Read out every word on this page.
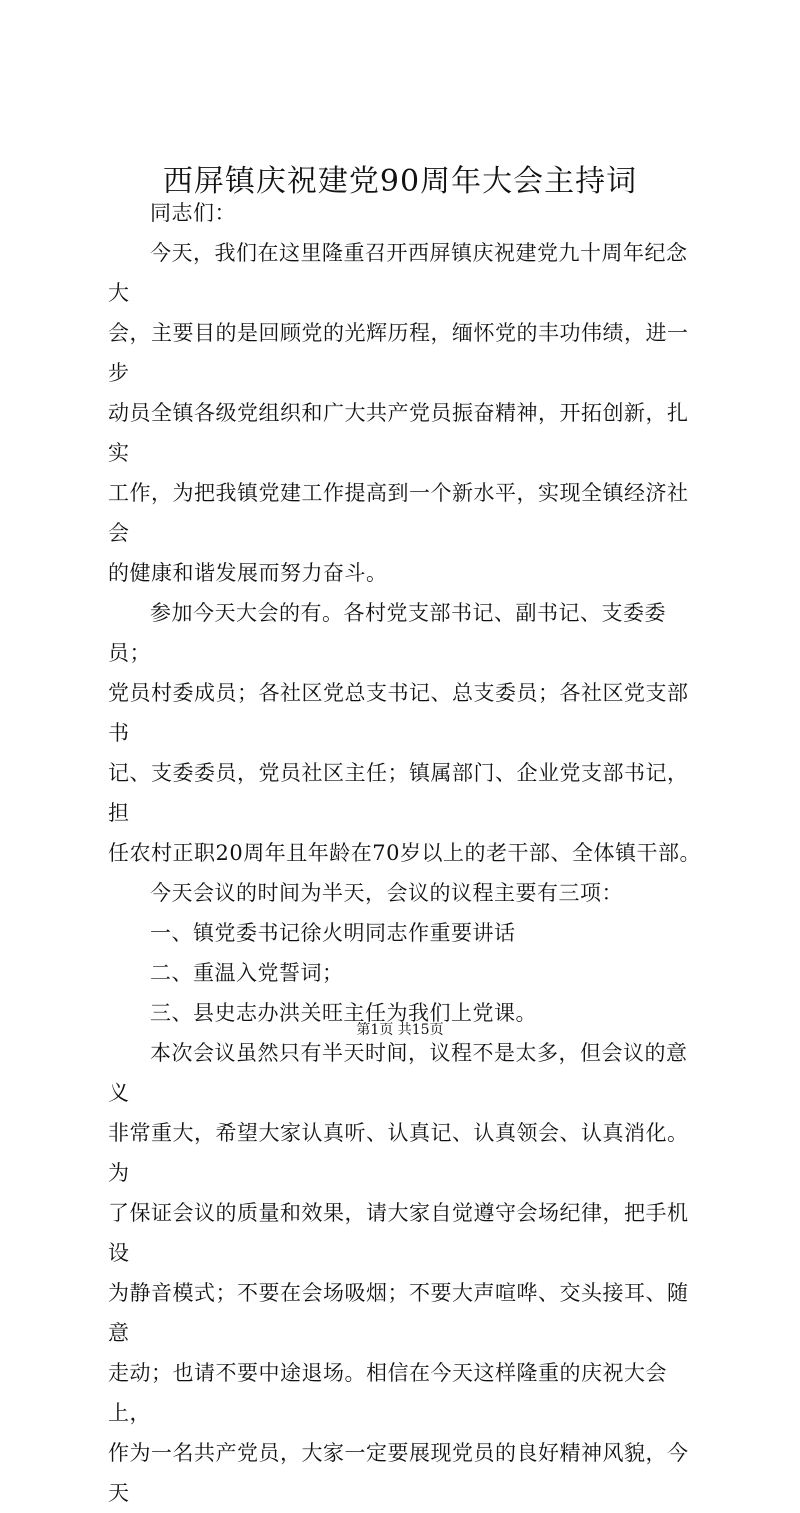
西屏镇庆祝建党90周年大会主持词

同志们：

今天，我们在这里隆重召开西屏镇庆祝建党九十周年纪念大
会，主要目的是回顾党的光辉历程，缅怀党的丰功伟绩，进一步
动员全镇各级党组织和广大共产党员振奋精神，开拓创新，扎实
工作，为把我镇党建工作提高到一个新水平，实现全镇经济社会
的健康和谐发展而努力奋斗。

参加今天大会的有。各村党支部书记、副书记、支委委员；
党员村委成员；各社区党总支书记、总支委员；各社区党支部书
记、支委委员，党员社区主任；镇属部门、企业党支部书记，担
任农村正职20周年且年龄在70岁以上的老干部、全体镇干部。

今天会议的时间为半天，会议的议程主要有三项：

一、镇党委书记徐火明同志作重要讲话

二、重温入党誓词；

三、县史志办洪关旺主任为我们上党课。

本次会议虽然只有半天时间，议程不是太多，但会议的意义
非常重大，希望大家认真听、认真记、认真领会、认真消化。为
了保证会议的质量和效果，请大家自觉遵守会场纪律，把手机设
为静音模式；不要在会场吸烟；不要大声喧哗、交头接耳、随意
走动；也请不要中途退场。相信在今天这样隆重的庆祝大会上，
作为一名共产党员，大家一定要展现党员的良好精神风貌，今天

第1页 共15页
